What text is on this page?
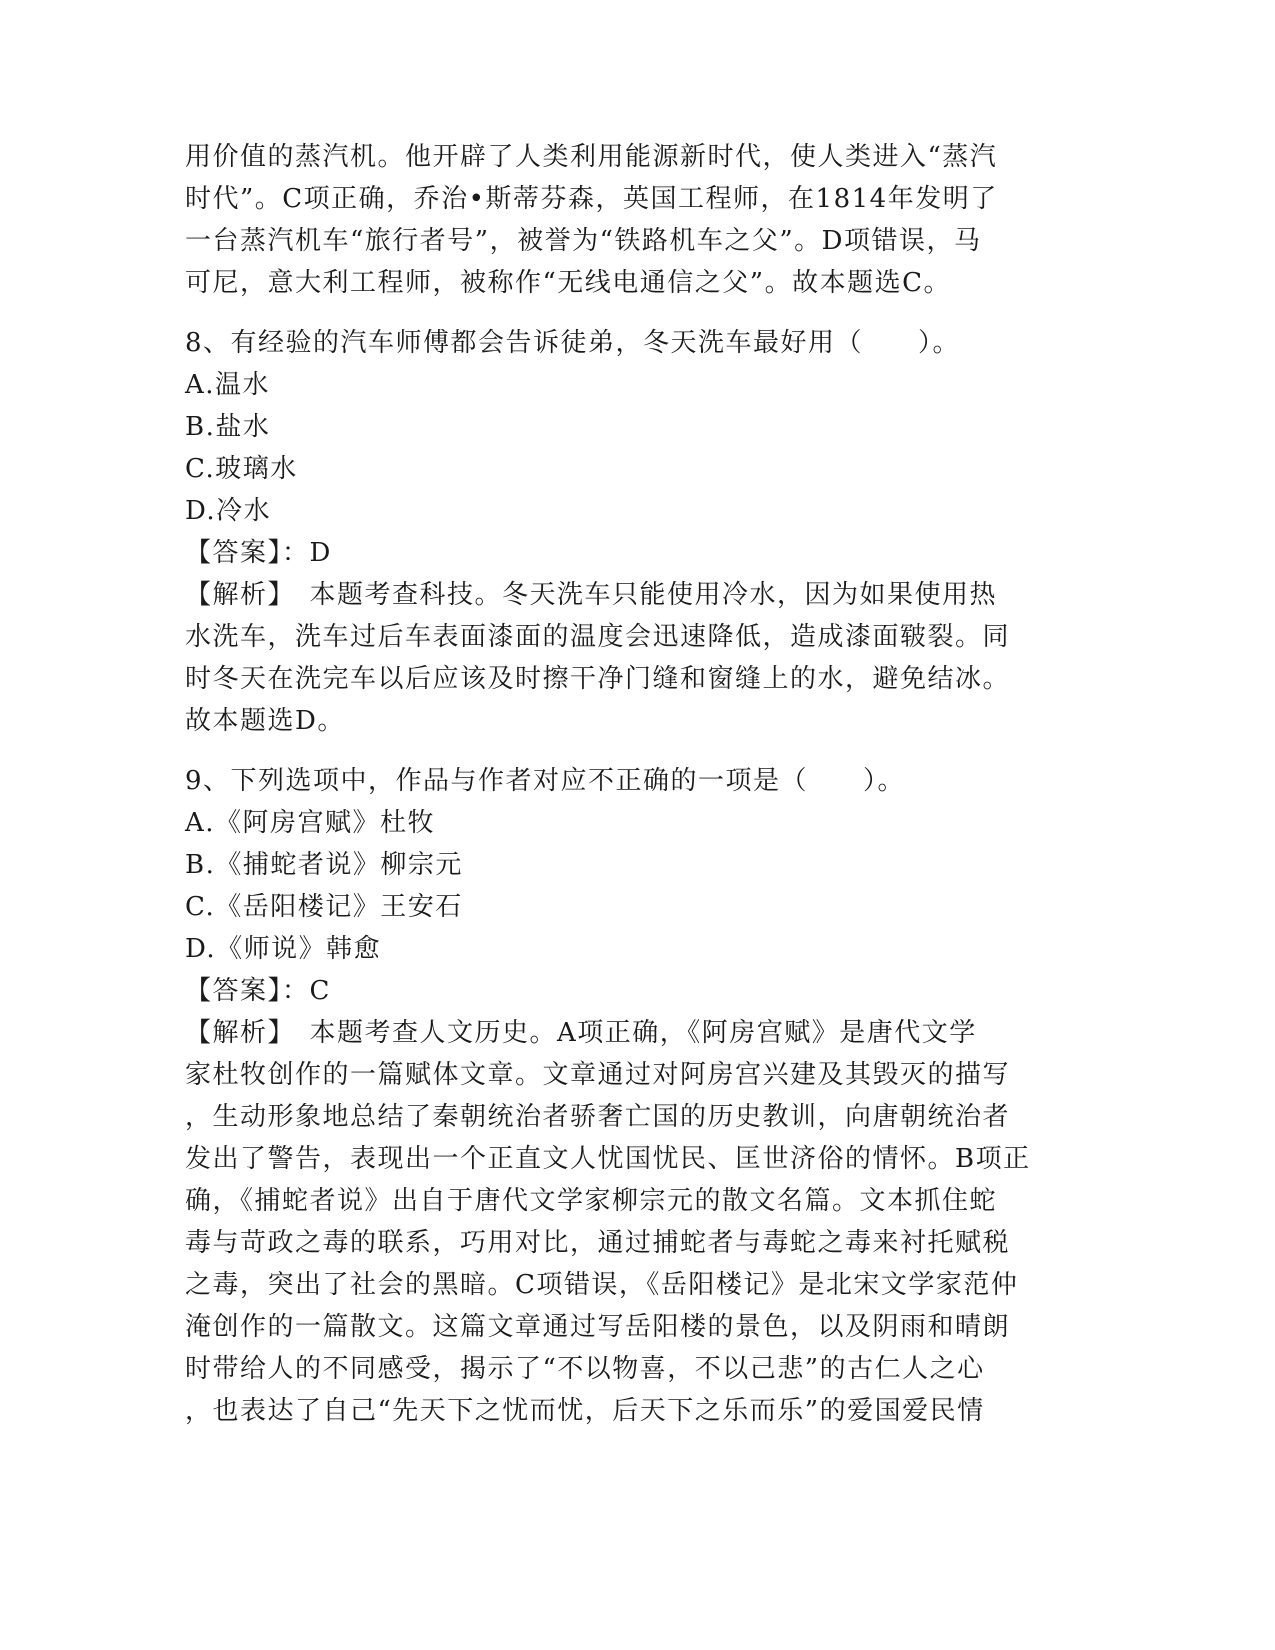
用价值的蒸汽机。他开辟了人类利用能源新时代，使人类进入“蒸汽
时代”。C项正确，乔治•斯蒂芬森，英国工程师，在1814年发明了
一台蒸汽机车“旅行者号”，被誉为“铁路机车之父”。D项错误，马
可尼，意大利工程师，被称作“无线电通信之父”。故本题选C。
8、有经验的汽车师傅都会告诉徒弟，冬天洗车最好用（　　）。
A.温水
B.盐水
C.玻璃水
D.冷水
【答案】：D
【解析】　本题考查科技。冬天洗车只能使用冷水，因为如果使用热
水洗车，洗车过后车表面漆面的温度会迅速降低，造成漆面皲裂。同
时冬天在洗完车以后应该及时擦干净门缝和窗缝上的水，避免结冰。
故本题选D。
9、下列选项中，作品与作者对应不正确的一项是（　　）。
A.《阿房宫赋》杜牧
B.《捕蛇者说》柳宗元
C.《岳阳楼记》王安石
D.《师说》韩愈
【答案】：C
【解析】　本题考查人文历史。A项正确，《阿房宫赋》是唐代文学
家杜牧创作的一篇赋体文章。文章通过对阿房宫兴建及其毁灭的描写
，生动形象地总结了秦朝统治者骄奢亡国的历史教训，向唐朝统治者
发出了警告，表现出一个正直文人忧国忧民、匡世济俗的情怀。B项正
确，《捕蛇者说》出自于唐代文学家柳宗元的散文名篇。文本抓住蛇
毒与苛政之毒的联系，巧用对比，通过捕蛇者与毒蛇之毒来衬托赋税
之毒，突出了社会的黑暗。C项错误，《岳阳楼记》是北宋文学家范仲
淹创作的一篇散文。这篇文章通过写岳阳楼的景色，以及阴雨和晴朗
时带给人的不同感受，揭示了“不以物喜，不以己悲”的古仁人之心
，也表达了自己“先天下之忧而忧，后天下之乐而乐”的爱国爱民情
